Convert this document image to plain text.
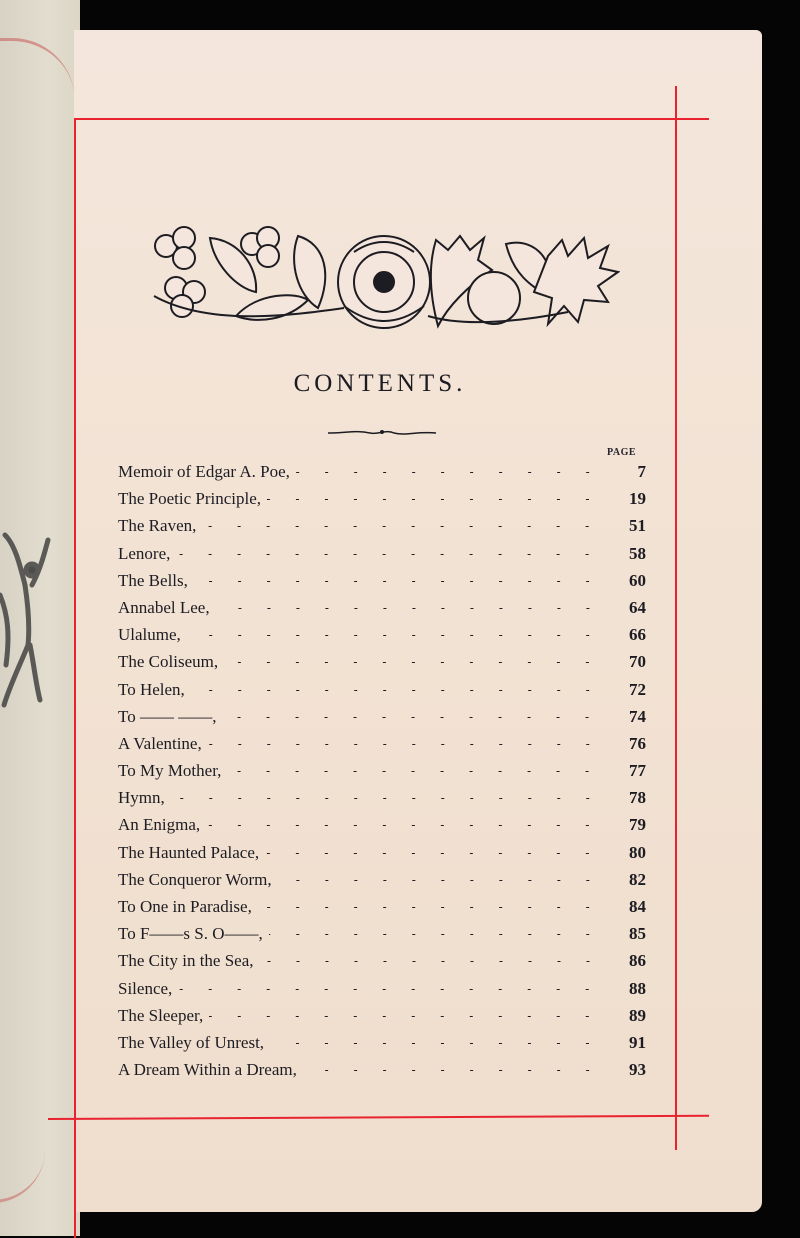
CONTENTS.
PAGE
Memoir of Edgar A. Poe,	7
The Poetic Principle,	19
The Raven,	51
Lenore,	58
The Bells,	60
Annabel Lee,	64
Ulalume,	66
The Coliseum,	70
To Helen,	72
To —— ——,	74
A Valentine,	76
To My Mother,	77
Hymn,	78
An Enigma,	79
The Haunted Palace,	80
The Conqueror Worm,	82
To One in Paradise,	84
To F——s S. O——,	85
The City in the Sea,	86
Silence,	88
The Sleeper,	89
The Valley of Unrest,	91
A Dream Within a Dream,	93
